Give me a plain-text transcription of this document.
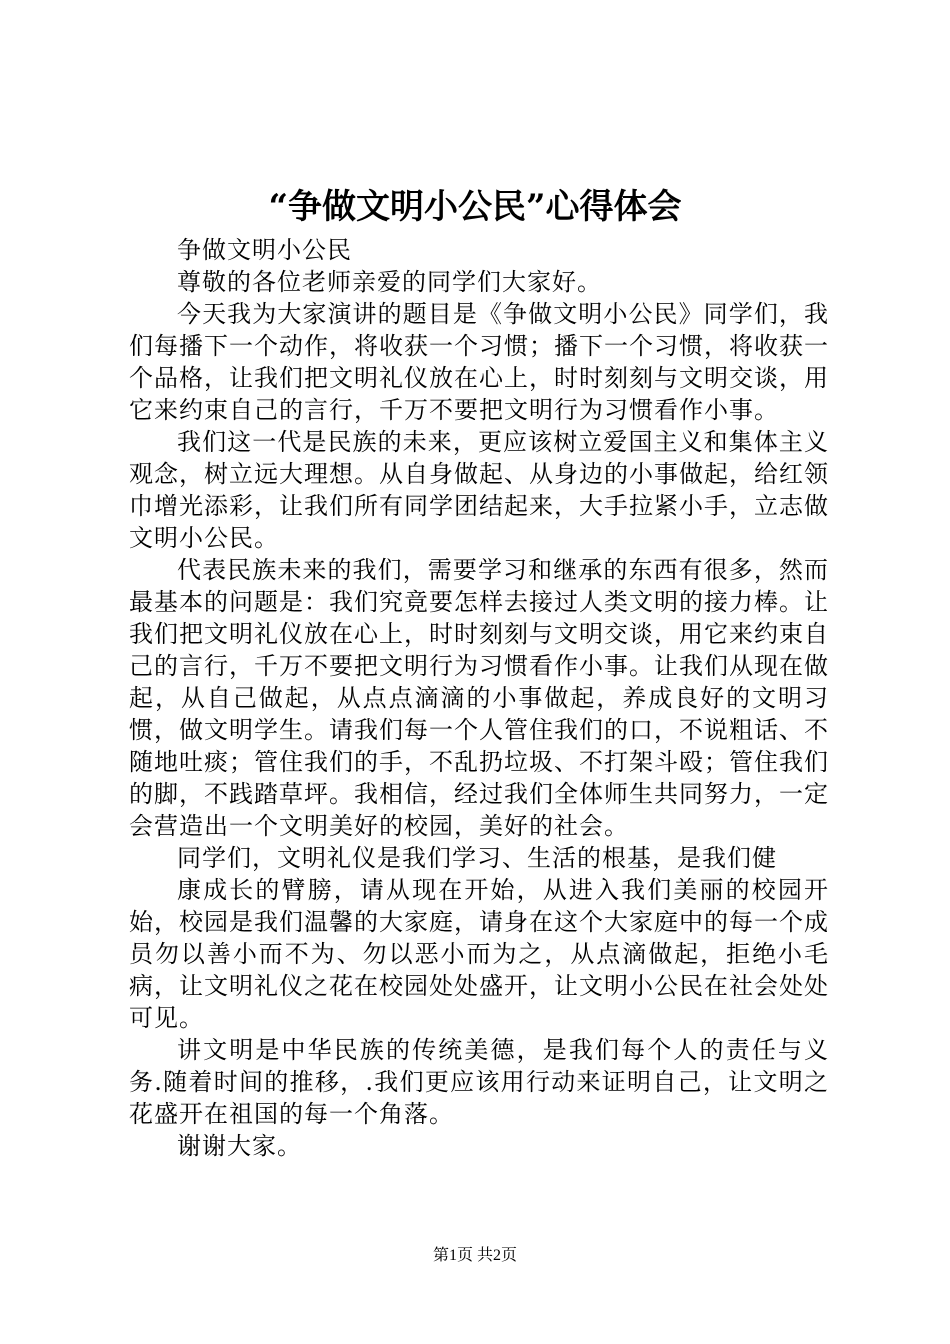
“争做文明小公民”心得体会

争做文明小公民

尊敬的各位老师亲爱的同学们大家好。

今天我为大家演讲的题目是《争做文明小公民》同学们，我们每播下一个动作，将收获一个习惯；播下一个习惯，将收获一个品格，让我们把文明礼仪放在心上，时时刻刻与文明交谈，用它来约束自己的言行，千万不要把文明行为习惯看作小事。

我们这一代是民族的未来，更应该树立爱国主义和集体主义观念，树立远大理想。从自身做起、从身边的小事做起，给红领巾增光添彩，让我们所有同学团结起来，大手拉紧小手，立志做文明小公民。

代表民族未来的我们，需要学习和继承的东西有很多，然而最基本的问题是：我们究竟要怎样去接过人类文明的接力棒。让我们把文明礼仪放在心上，时时刻刻与文明交谈，用它来约束自己的言行，千万不要把文明行为习惯看作小事。让我们从现在做起，从自己做起，从点点滴滴的小事做起，养成良好的文明习惯，做文明学生。请我们每一个人管住我们的口，不说粗话、不随地吐痰；管住我们的手，不乱扔垃圾、不打架斗殴；管住我们的脚，不践踏草坪。我相信，经过我们全体师生共同努力，一定会营造出一个文明美好的校园，美好的社会。

同学们，文明礼仪是我们学习、生活的根基，是我们健

康成长的臂膀，请从现在开始，从进入我们美丽的校园开始，校园是我们温馨的大家庭，请身在这个大家庭中的每一个成员勿以善小而不为、勿以恶小而为之，从点滴做起，拒绝小毛病，让文明礼仪之花在校园处处盛开，让文明小公民在社会处处可见。

讲文明是中华民族的传统美德，是我们每个人的责任与义务.随着时间的推移，.我们更应该用行动来证明自己，让文明之花盛开在祖国的每一个角落。

谢谢大家。

第1页 共2页
